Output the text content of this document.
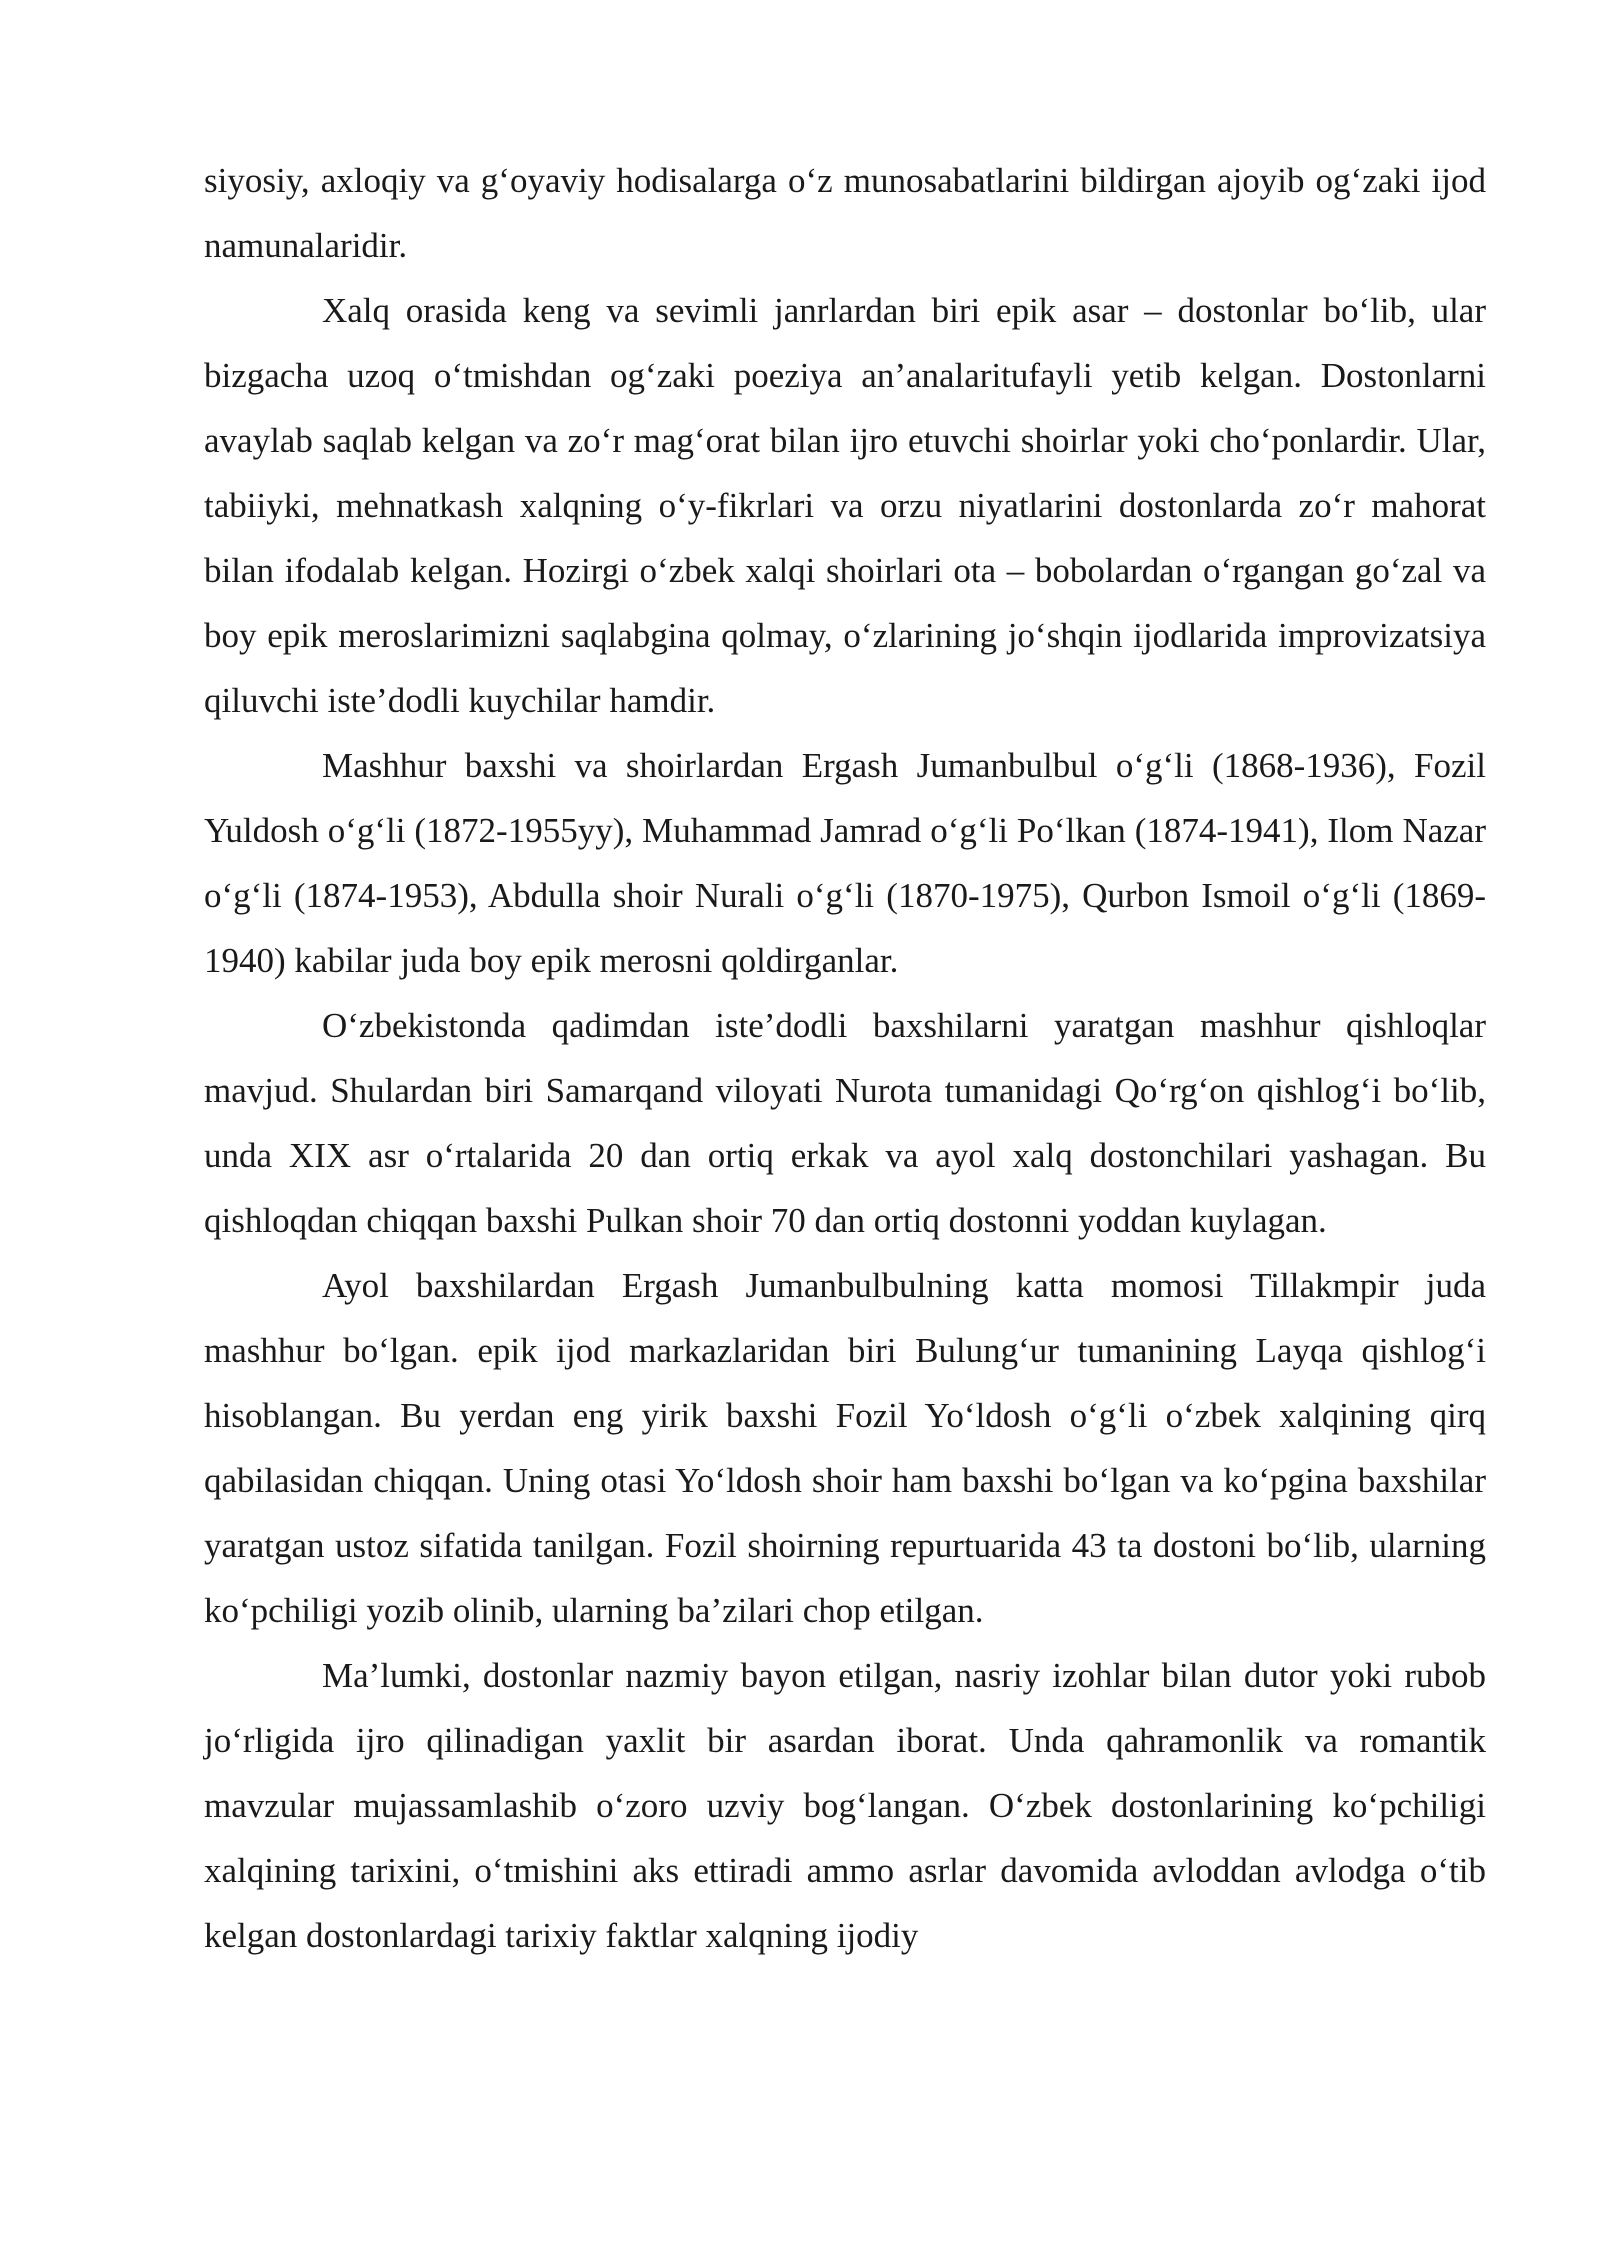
siyosiy, axloqiy va g‘oyaviy hodisalarga o‘z munosabatlarini bildirgan ajoyib og‘zaki ijod namunalaridir.

Xalq orasida keng va sevimli janrlardan biri epik asar – dostonlar bo‘lib, ular bizgacha uzoq o‘tmishdan og‘zaki poeziya an’analaritufayli yetib kelgan. Dostonlarni avaylab saqlab kelgan va zo‘r mag‘orat bilan ijro etuvchi shoirlar yoki cho‘ponlardir. Ular, tabiiyki, mehnatkash xalqning o‘y-fikrlari va orzu niyatlarini dostonlarda zo‘r mahorat bilan ifodalab kelgan. Hozirgi o‘zbek xalqi shoirlari ota – bobolardan o‘rgangan go‘zal va boy epik meroslarimizni saqlabgina qolmay, o‘zlarining jo‘shqin ijodlarida improvizatsiya qiluvchi iste’dodli kuychilar hamdir.

Mashhur baxshi va shoirlardan Ergash Jumanbulbul o‘g‘li (1868-1936), Fozil Yuldosh o‘g‘li (1872-1955yy), Muhammad Jamrad o‘g‘li Po‘lkan (1874-1941), Ilom Nazar o‘g‘li (1874-1953), Abdulla shoir Nurali o‘g‘li (1870-1975), Qurbon Ismoil o‘g‘li (1869-1940) kabilar juda boy epik merosni qoldirganlar.

O‘zbekistonda qadimdan iste’dodli baxshilarni yaratgan mashhur qishloqlar mavjud. Shulardan biri Samarqand viloyati Nurota tumanidagi Qo‘rg‘on qishlog‘i bo‘lib, unda XIX asr o‘rtalarida 20 dan ortiq erkak va ayol xalq dostonchilari yashagan. Bu qishloqdan chiqqan baxshi Pulkan shoir 70 dan ortiq dostonni yoddan kuylagan.

Ayol baxshilardan Ergash Jumanbulbulning katta momosi Tillakmpir juda mashhur bo‘lgan. epik ijod markazlaridan biri Bulung‘ur tumanining Layqa qishlog‘i hisoblangan. Bu yerdan eng yirik baxshi Fozil Yo‘ldosh o‘g‘li o‘zbek xalqining qirq qabilasidan chiqqan. Uning otasi Yo‘ldosh shoir ham baxshi bo‘lgan va ko‘pgina baxshilar yaratgan ustoz sifatida tanilgan. Fozil shoirning repurtuarida 43 ta dostoni bo‘lib, ularning ko‘pchiligi yozib olinib, ularning ba’zilari chop etilgan.

Ma’lumki, dostonlar nazmiy bayon etilgan, nasriy izohlar bilan dutor yoki rubob jo‘rligida ijro qilinadigan yaxlit bir asardan iborat. Unda qahramonlik va romantik mavzular mujassamlashib o‘zoro uzviy bog‘langan. O‘zbek dostonlarining ko‘pchiligi xalqining tarixini, o‘tmishini aks ettiradi ammo asrlar davomida avloddan avlodga o‘tib kelgan dostonlardagi tarixiy faktlar xalqning ijodiy
